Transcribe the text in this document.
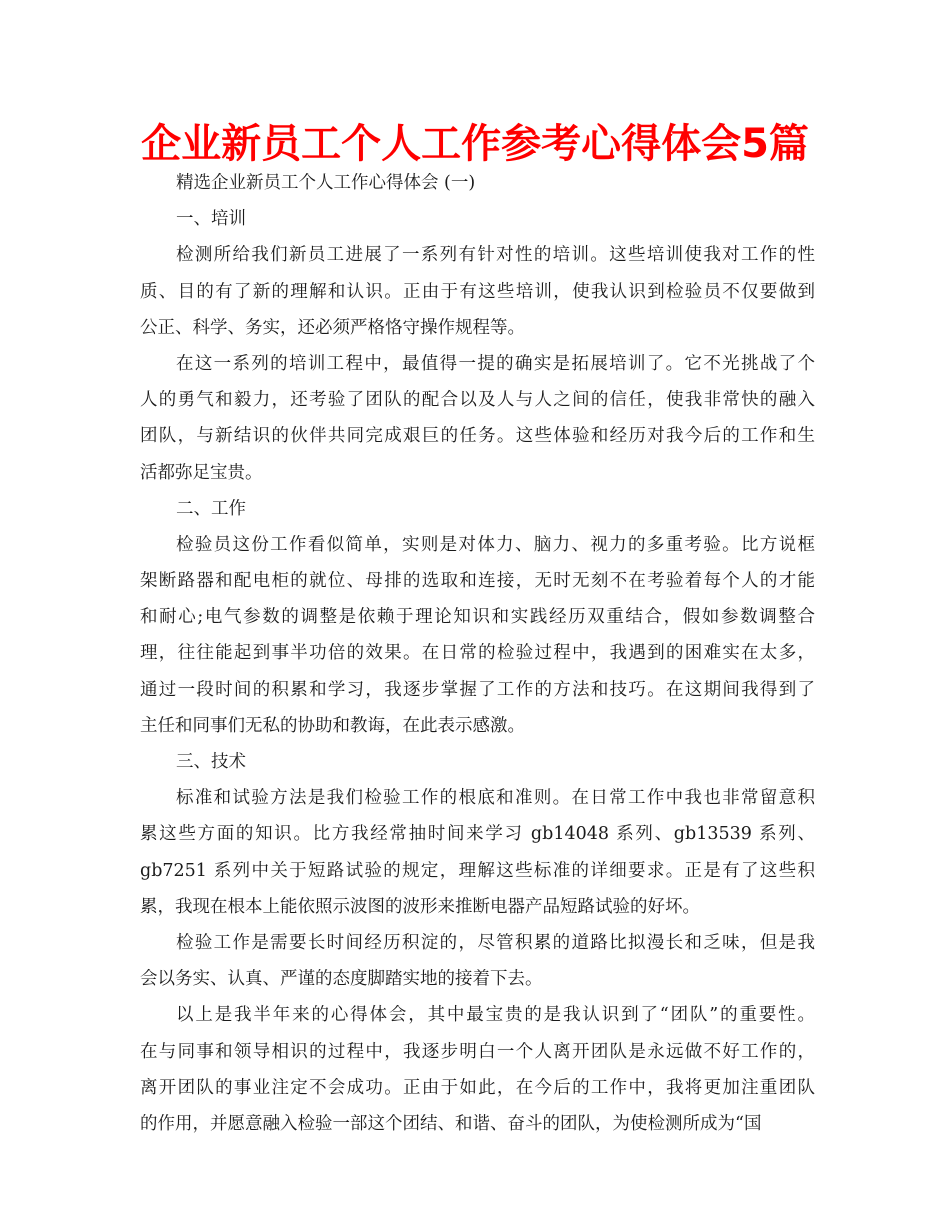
企业新员工个人工作参考心得体会5篇
精选企业新员工个人工作心得体会 (一)
一、培训
检测所给我们新员工进展了一系列有针对性的培训。这些培训使我对工作的性
质、目的有了新的理解和认识。正由于有这些培训，使我认识到检验员不仅要做到
公正、科学、务实，还必须严格恪守操作规程等。
在这一系列的培训工程中，最值得一提的确实是拓展培训了。它不光挑战了个
人的勇气和毅力，还考验了团队的配合以及人与人之间的信任，使我非常快的融入
团队，与新结识的伙伴共同完成艰巨的任务。这些体验和经历对我今后的工作和生
活都弥足宝贵。
二、工作
检验员这份工作看似简单，实则是对体力、脑力、视力的多重考验。比方说框
架断路器和配电柜的就位、母排的选取和连接，无时无刻不在考验着每个人的才能
和耐心;电气参数的调整是依赖于理论知识和实践经历双重结合，假如参数调整合
理，往往能起到事半功倍的效果。在日常的检验过程中，我遇到的困难实在太多，
通过一段时间的积累和学习，我逐步掌握了工作的方法和技巧。在这期间我得到了
主任和同事们无私的协助和教诲，在此表示感激。
三、技术
标准和试验方法是我们检验工作的根底和准则。在日常工作中我也非常留意积
累这些方面的知识。比方我经常抽时间来学习 gb14048 系列、gb13539 系列、
gb7251 系列中关于短路试验的规定，理解这些标准的详细要求。正是有了这些积
累，我现在根本上能依照示波图的波形来推断电器产品短路试验的好坏。
检验工作是需要长时间经历积淀的，尽管积累的道路比拟漫长和乏味，但是我
会以务实、认真、严谨的态度脚踏实地的接着下去。
以上是我半年来的心得体会，其中最宝贵的是我认识到了“团队”的重要性。
在与同事和领导相识的过程中，我逐步明白一个人离开团队是永远做不好工作的，
离开团队的事业注定不会成功。正由于如此，在今后的工作中，我将更加注重团队
的作用，并愿意融入检验一部这个团结、和谐、奋斗的团队，为使检测所成为“国
